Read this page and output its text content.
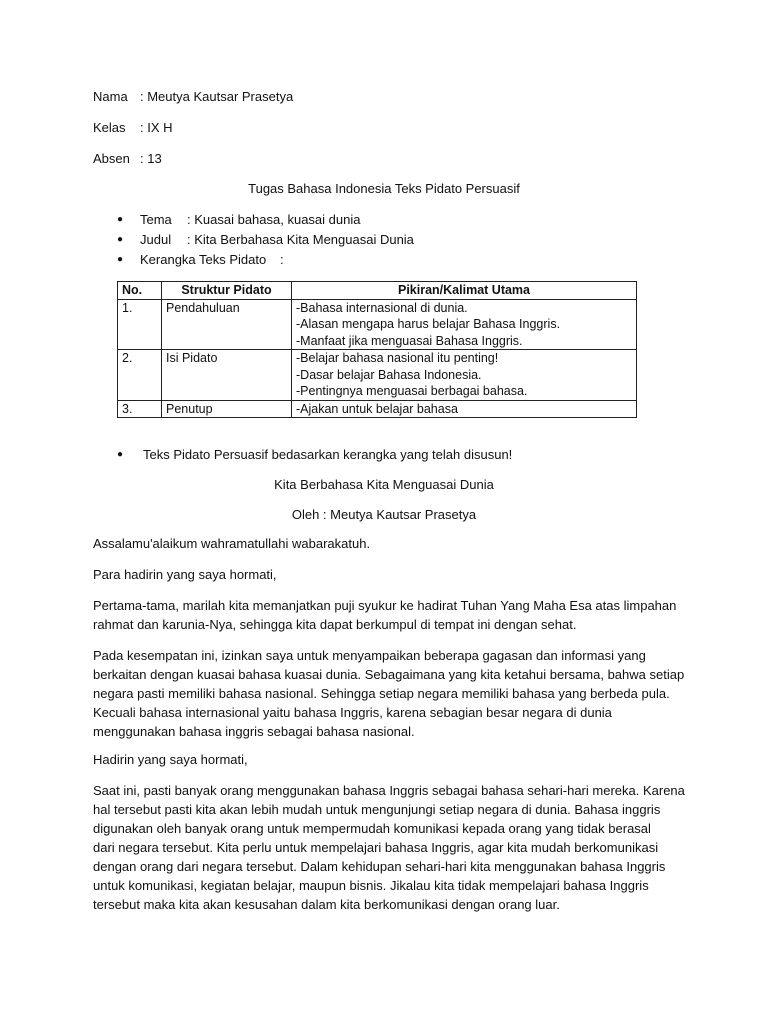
Nama : Meutya Kautsar Prasetya
Kelas : IX H
Absen : 13
Tugas Bahasa Indonesia Teks Pidato Persuasif
● Tema : Kuasai bahasa, kuasai dunia
● Judul : Kita Berbahasa Kita Menguasai Dunia
● Kerangka Teks Pidato :
No.	Struktur Pidato	Pikiran/Kalimat Utama
1.	Pendahuluan	-Bahasa internasional di dunia.
-Alasan mengapa harus belajar Bahasa Inggris.
-Manfaat jika menguasai Bahasa Inggris.

2.	Isi Pidato	-Belajar bahasa nasional itu penting!
-Dasar belajar Bahasa Indonesia.
-Pentingnya menguasai berbagai bahasa.

3.	Penutup	-Ajakan untuk belajar bahasa
● Teks Pidato Persuasif bedasarkan kerangka yang telah disusun!
Kita Berbahasa Kita Menguasai Dunia
Oleh : Meutya Kautsar Prasetya
Assalamu'alaikum wahramatullahi wabarakatuh.
Para hadirin yang saya hormati,
Pertama-tama, marilah kita memanjatkan puji syukur ke hadirat Tuhan Yang Maha Esa atas limpahan
rahmat dan karunia-Nya, sehingga kita dapat berkumpul di tempat ini dengan sehat.
Pada kesempatan ini, izinkan saya untuk menyampaikan beberapa gagasan dan informasi yang
berkaitan dengan kuasai bahasa kuasai dunia. Sebagaimana yang kita ketahui bersama, bahwa setiap
negara pasti memiliki bahasa nasional. Sehingga setiap negara memiliki bahasa yang berbeda pula.
Kecuali bahasa internasional yaitu bahasa Inggris, karena sebagian besar negara di dunia
menggunakan bahasa inggris sebagai bahasa nasional.
Hadirin yang saya hormati,
Saat ini, pasti banyak orang menggunakan bahasa Inggris sebagai bahasa sehari-hari mereka. Karena
hal tersebut pasti kita akan lebih mudah untuk mengunjungi setiap negara di dunia. Bahasa inggris
digunakan oleh banyak orang untuk mempermudah komunikasi kepada orang yang tidak berasal
dari negara tersebut. Kita perlu untuk mempelajari bahasa Inggris, agar kita mudah berkomunikasi
dengan orang dari negara tersebut. Dalam kehidupan sehari-hari kita menggunakan bahasa Inggris
untuk komunikasi, kegiatan belajar, maupun bisnis. Jikalau kita tidak mempelajari bahasa Inggris
tersebut maka kita akan kesusahan dalam kita berkomunikasi dengan orang luar.
